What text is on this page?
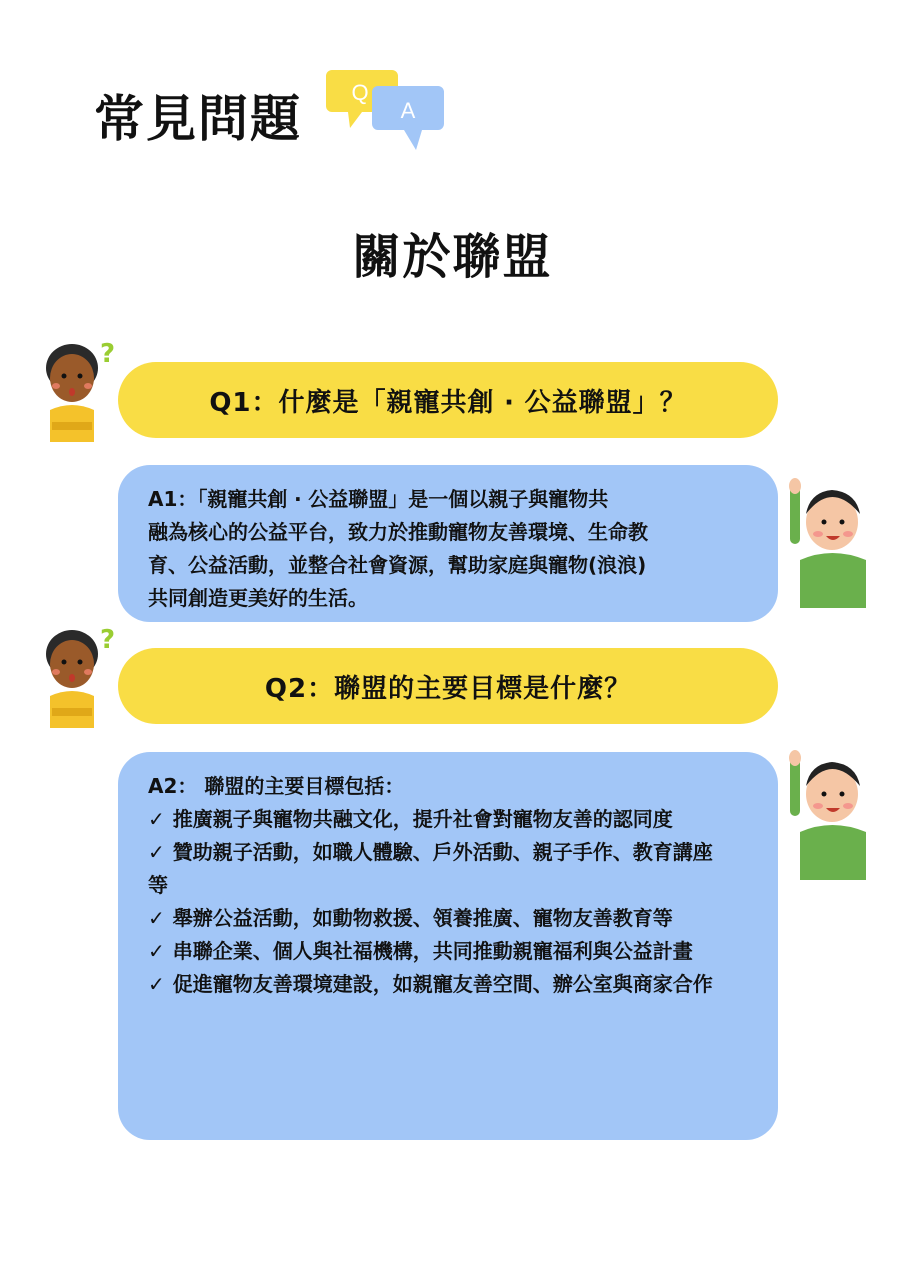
常見問題 Q
A
關於聯盟
?
Q1：什麼是「親寵共創 ‧ 公益聯盟」？

A1：「親寵共創 ‧ 公益聯盟」是一個以親子與寵物共

融為核心的公益平台，致力於推動寵物友善環境、生命教

育、公益活動，並整合社會資源，幫助家庭與寵物(浪浪)

共同創造更美好的生活。

?
Q2：聯盟的主要目標是什麼？

A2： 聯盟的主要目標包括：

✓ 推廣親子與寵物共融文化，提升社會對寵物友善的認同度

✓ 贊助親子活動，如職人體驗、戶外活動、親子手作、教育講座等

✓ 舉辦公益活動，如動物救援、領養推廣、寵物友善教育等

✓ 串聯企業、個人與社福機構，共同推動親寵福利與公益計畫

✓ 促進寵物友善環境建設，如親寵友善空間、辦公室與商家合作
